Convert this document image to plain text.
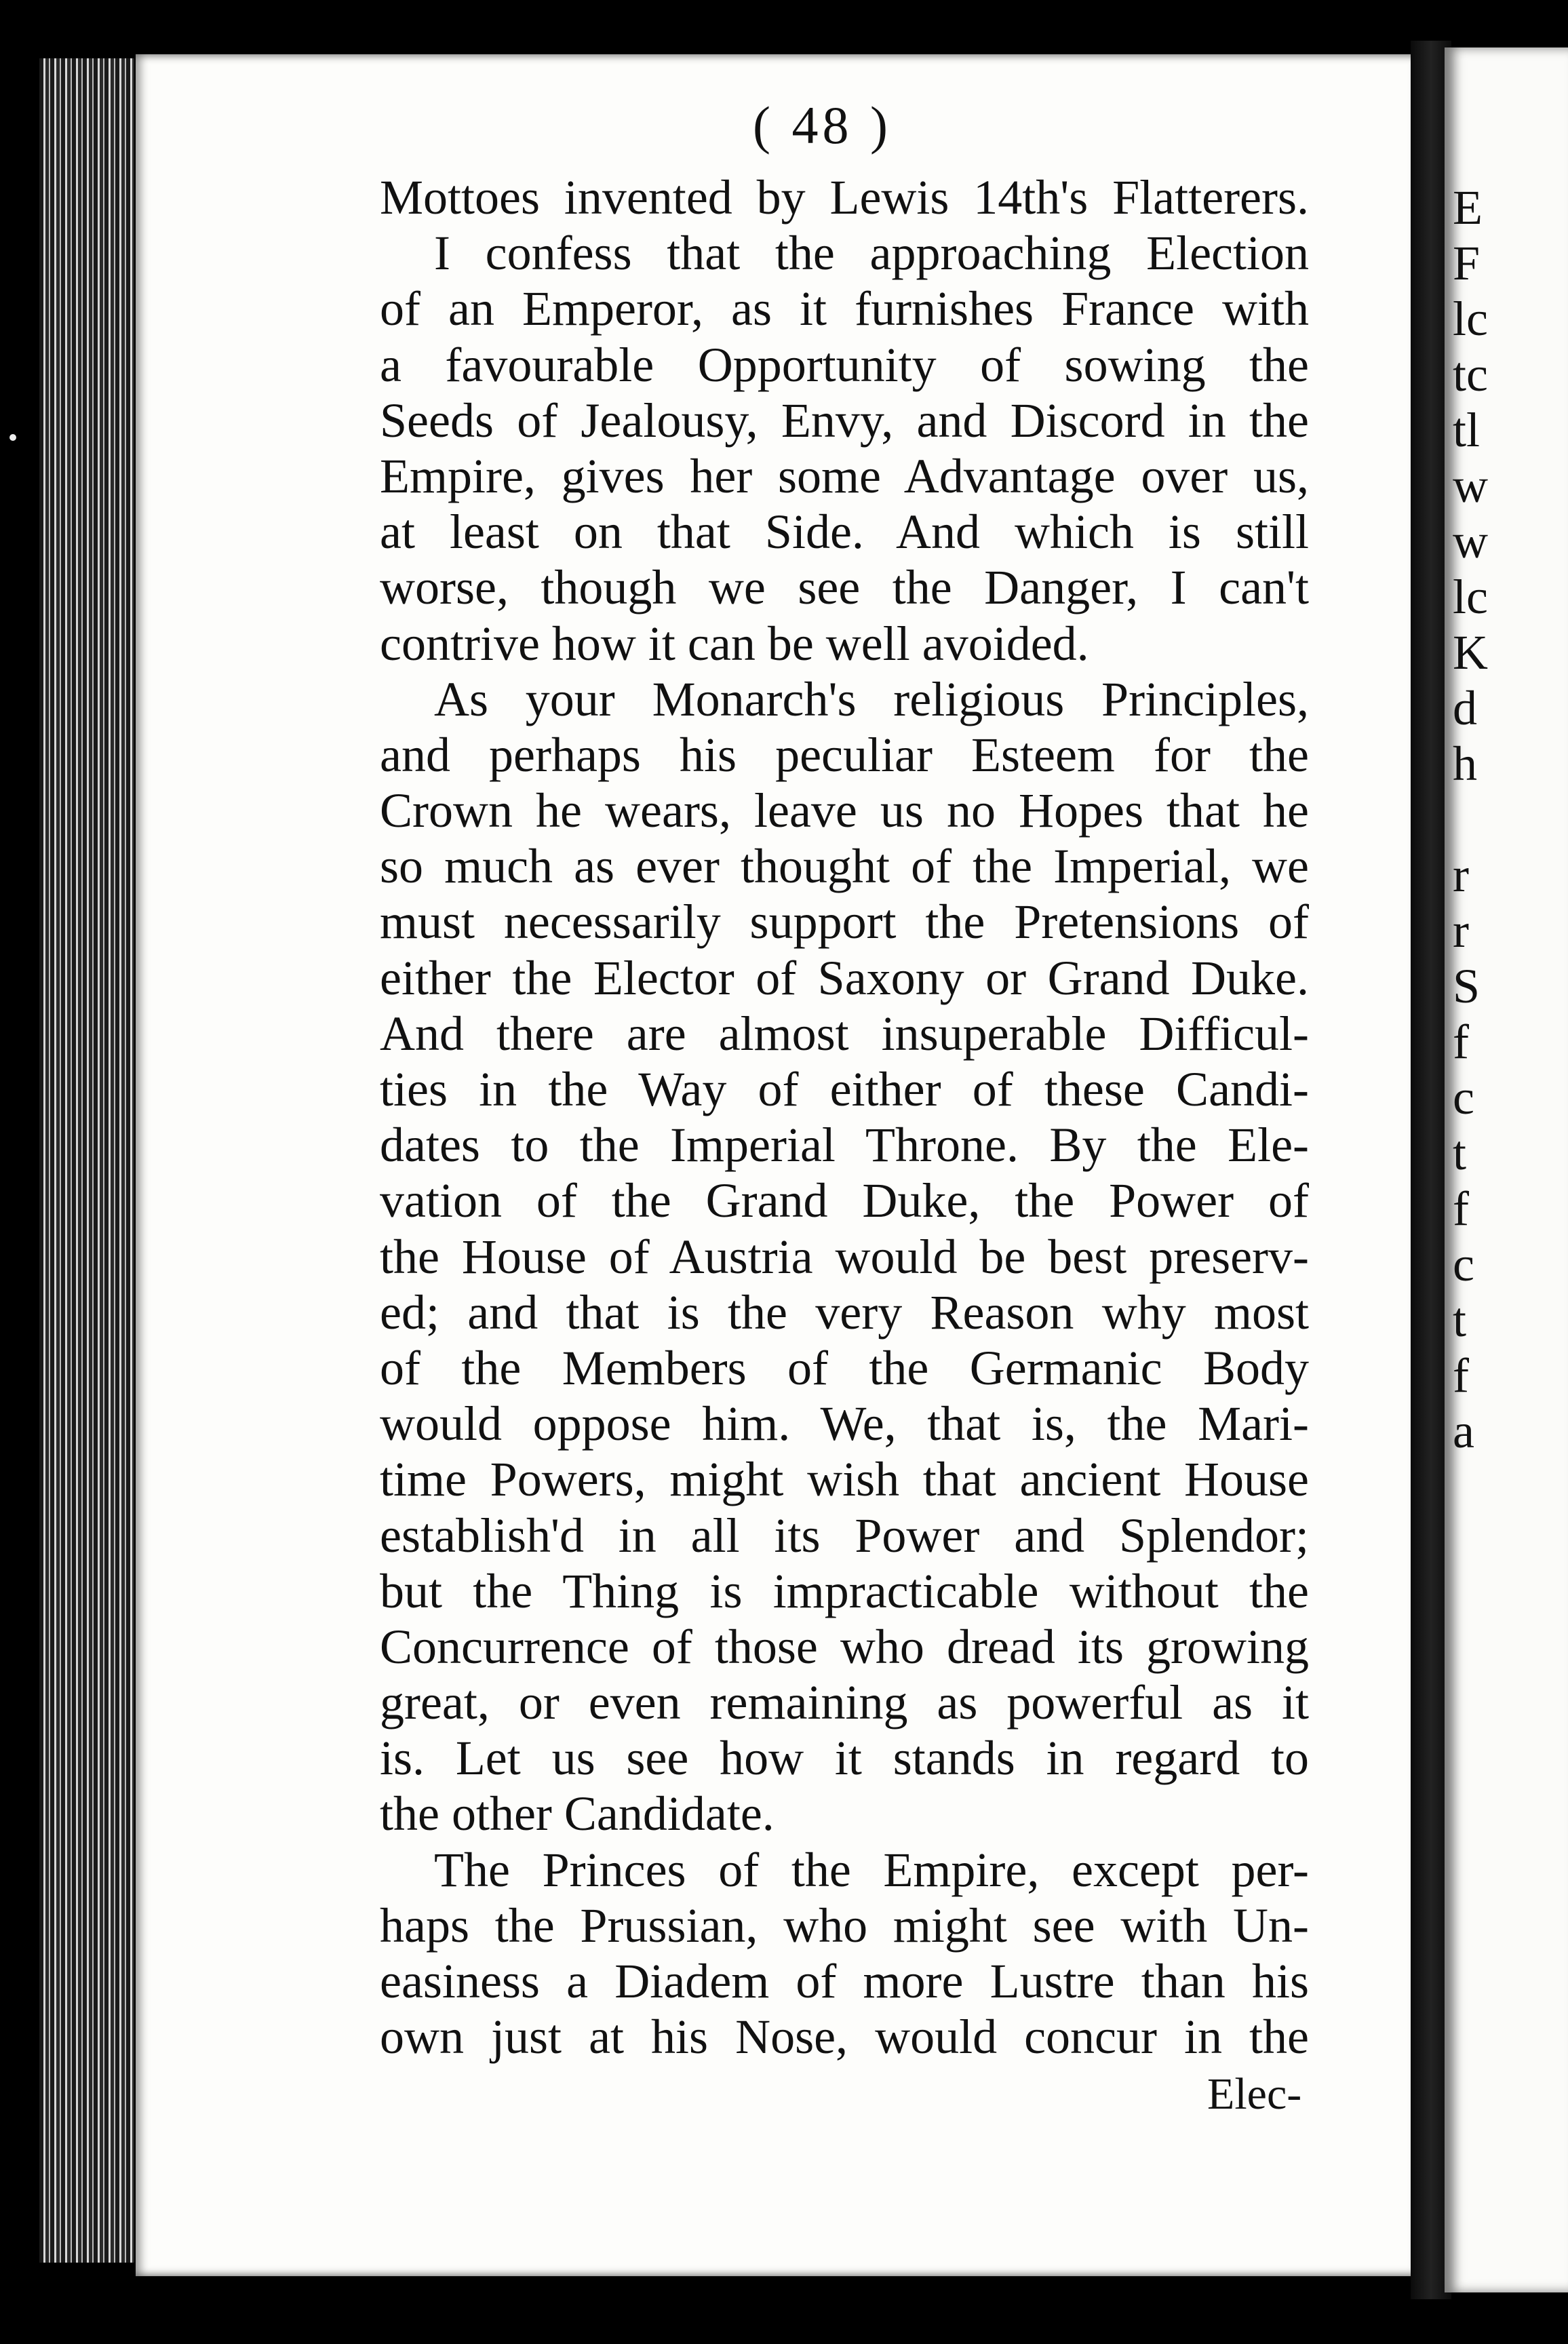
( 48 )
Mottoes invented by Lewis 14th's Flatterers.
I confess that the approaching Election
of an Emperor, as it furnishes France with
a favourable Opportunity of sowing the
Seeds of Jealousy, Envy, and Discord in the
Empire, gives her some Advantage over us,
at least on that Side. And which is still
worse, though we see the Danger, I can't
contrive how it can be well avoided.
As your Monarch's religious Principles,
and perhaps his peculiar Esteem for the
Crown he wears, leave us no Hopes that he
so much as ever thought of the Imperial, we
must necessarily support the Pretensions of
either the Elector of Saxony or Grand Duke.
And there are almost insuperable Difficul-
ties in the Way of either of these Candi-
dates to the Imperial Throne. By the Ele-
vation of the Grand Duke, the Power of
the House of Austria would be best preserv-
ed; and that is the very Reason why most
of the Members of the Germanic Body
would oppose him. We, that is, the Mari-
time Powers, might wish that ancient House
establish'd in all its Power and Splendor;
but the Thing is impracticable without the
Concurrence of those who dread its growing
great, or even remaining as powerful as it
is. Let us see how it stands in regard to
the other Candidate.
The Princes of the Empire, except per-
haps the Prussian, who might see with Un-
easiness a Diadem of more Lustre than his
own just at his Nose, would concur in the
Elec-
E
F
lc
tc
tl
w
w
lc
K
d
h
r
r
S
f
c
t
f
c
t
f
a
